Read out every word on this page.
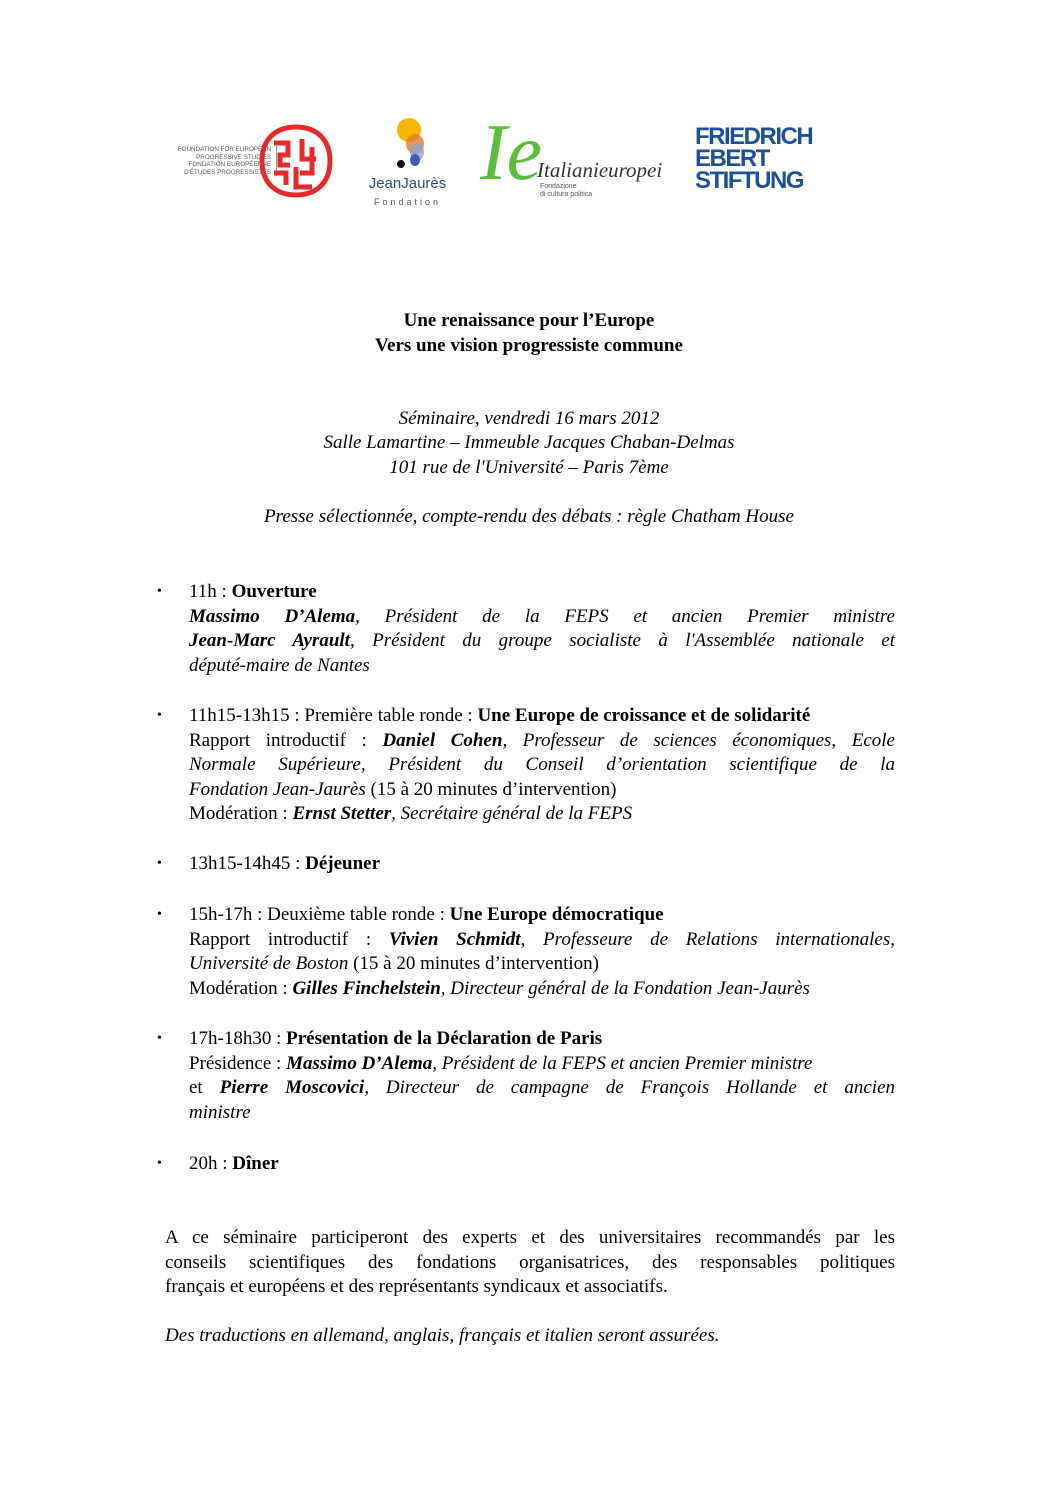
FOUNDATION FOR EUROPEAN
PROGRESSIVE STUDIES
FONDATION EUROPÉENNE
D'ÉTUDES PROGRESSISTES
JeanJaurès
Fondation
Ie
Italianieuropei
Fondazione
di cultura politica
FRIEDRICH
EBERT
STIFTUNG
Une renaissance pour l’Europe
Vers une vision progressiste commune
Séminaire, vendredi 16 mars 2012
Salle Lamartine – Immeuble Jacques Chaban-Delmas
101 rue de l'Université – Paris 7ème
Presse sélectionnée, compte-rendu des débats : règle Chatham House
• 11h : Ouverture
Massimo D’Alema, Président de la FEPS et ancien Premier ministre
Jean-Marc Ayrault, Président du groupe socialiste à l'Assemblée nationale et
député-maire de Nantes
• 11h15-13h15 : Première table ronde : Une Europe de croissance et de solidarité
Rapport introductif : Daniel Cohen, Professeur de sciences économiques, Ecole
Normale Supérieure, Président du Conseil d’orientation scientifique de la
Fondation Jean-Jaurès (15 à 20 minutes d’intervention)
Modération : Ernst Stetter, Secrétaire général de la FEPS
• 13h15-14h45 : Déjeuner
• 15h-17h : Deuxième table ronde : Une Europe démocratique
Rapport introductif : Vivien Schmidt, Professeure de Relations internationales,
Université de Boston (15 à 20 minutes d’intervention)
Modération : Gilles Finchelstein, Directeur général de la Fondation Jean-Jaurès
• 17h-18h30 : Présentation de la Déclaration de Paris
Présidence : Massimo D’Alema, Président de la FEPS et ancien Premier ministre
et Pierre Moscovici, Directeur de campagne de François Hollande et ancien
ministre
• 20h : Dîner
A ce séminaire participeront des experts et des universitaires recommandés par les
conseils scientifiques des fondations organisatrices, des responsables politiques
français et européens et des représentants syndicaux et associatifs.
Des traductions en allemand, anglais, français et italien seront assurées.
